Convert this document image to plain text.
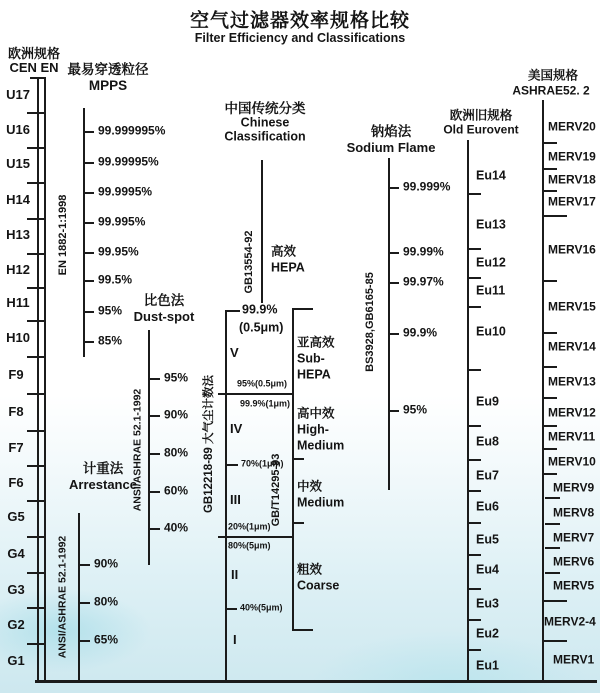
空气过滤器效率规格比较
Filter Efficiency and Classifications
欧洲规格
CEN EN
U17
U16
U15
H14
H13
H12
H11
H10
F9
F8
F7
F6
G5
G4
G3
G2
G1
最易穿透粒径
MPPS
EN 1882-1:1998
99.999995%
99.99995%
99.9995%
99.995%
99.95%
99.5%
95%
85%
比色法
Dust-spot
ANSI/ASHRAE 52.1-1992
95%
90%
80%
60%
40%
计重法
Arrestance
ANSI/ASHRAE 52.1-1992 90%
80%
65%
中国传统分类
Chinese
Classification
GB13554-92 高效
HEPA
99.9%
(0.5μm)
V
IV
III
II
I
95%(0.5μm)
99.9%(1μm)
70%(1μm)
20%(1μm)
80%(5μm)
40%(5μm)
GB12218-89 大气尘计数法	GB/T14295-93
亚高效
Sub-
HEPA
高中效
High-
Medium
中效
Medium
粗效
Coarse
钠焰法
Sodium Flame
BS3928,GB6165-85
99.999%
99.99%
99.97%
99.9%
95%
欧洲旧规格
Old Eurovent
Eu14
Eu13
Eu12
Eu11
Eu10
Eu9
Eu8
Eu7
Eu6
Eu5
Eu4
Eu3
Eu2
Eu1
美国规格
ASHRAE52. 2
MERV20
MERV19
MERV18
MERV17
MERV16
MERV15
MERV14
MERV13
MERV12
MERV11
MERV10
MERV9
MERV8
MERV7
MERV6
MERV5
MERV2-4
MERV1
